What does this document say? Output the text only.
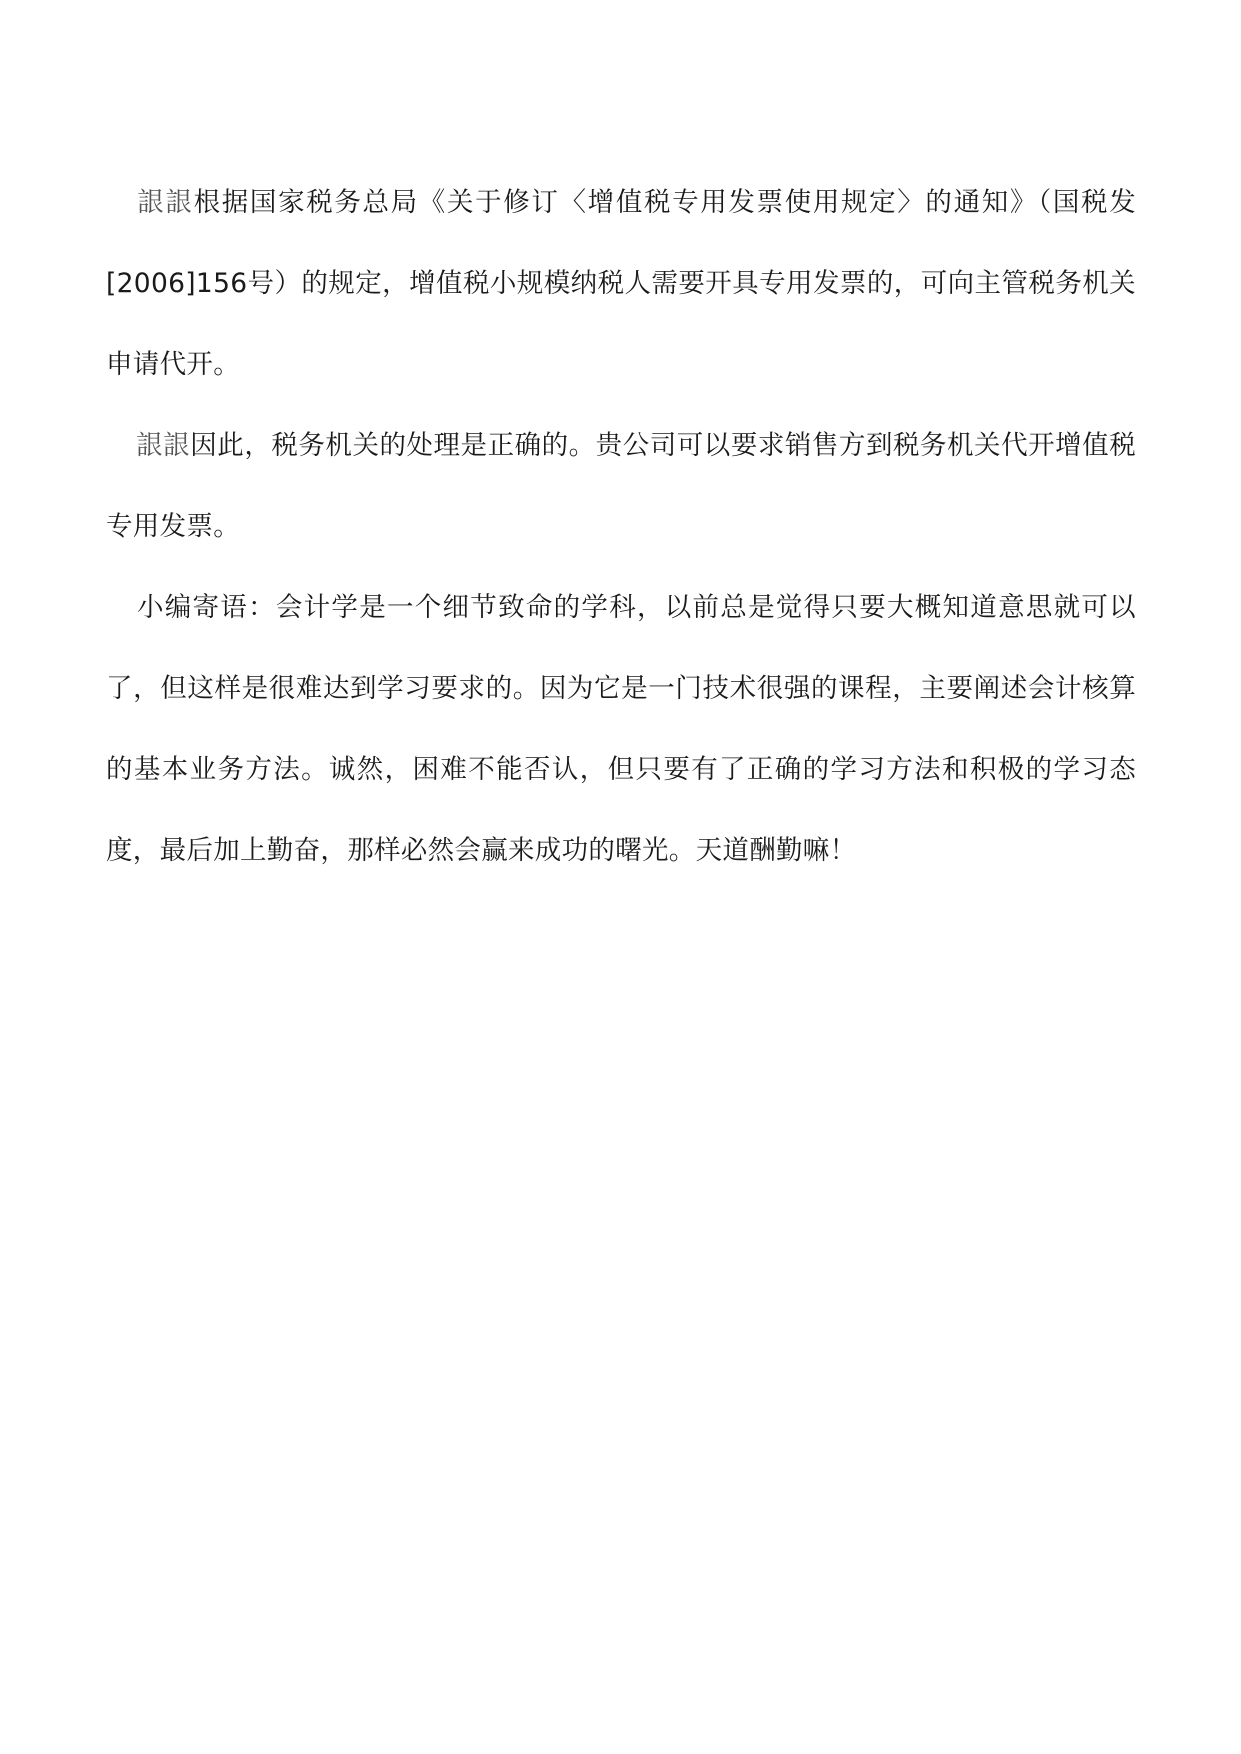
詪詪根据国家税务总局《关于修订〈增值税专用发票使用规定〉的通知》（国税发[2006]156号）的规定，增值税小规模纳税人需要开具专用发票的，可向主管税务机关申请代开。

詪詪因此，税务机关的处理是正确的。贵公司可以要求销售方到税务机关代开增值税专用发票。

小编寄语：会计学是一个细节致命的学科，以前总是觉得只要大概知道意思就可以了，但这样是很难达到学习要求的。因为它是一门技术很强的课程，主要阐述会计核算的基本业务方法。诚然，困难不能否认，但只要有了正确的学习方法和积极的学习态度，最后加上勤奋，那样必然会赢来成功的曙光。天道酬勤嘛！
